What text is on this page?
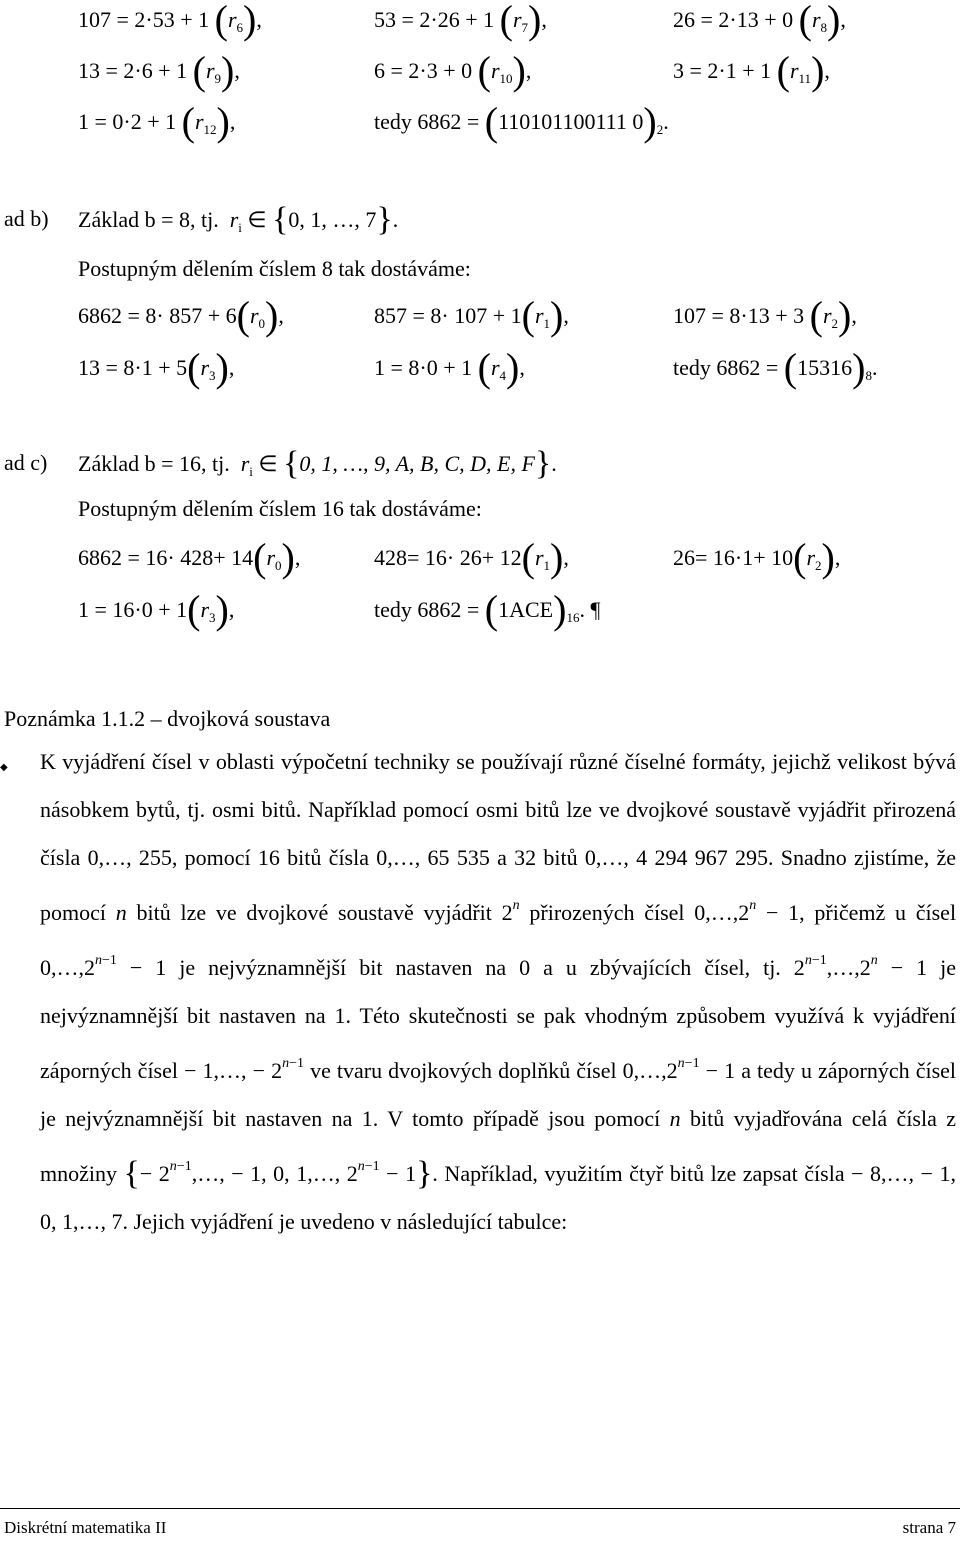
107 = 2·53 + 1 $(r_6)$,	53 = 2·26 + 1 $(r_7)$,	26 = 2·13 + 0 $(r_8)$,
13 = 2·6 + 1 $(r_9)$,	6 = 2·3 + 0 $(r_{10})$,	3 = 2·1 + 1 $(r_{11})$,
1 = 0·2 + 1 $(r_{12})$,	tedy 6862 = (110101100111 $0)_2$.
ad b) Základ b = 8, tj. $r_i$ ∈ {0, 1, …, 7}.
Postupným dělením číslem 8 tak dostáváme:
$6862 = 8\cdot 857 + 6(r_0)$,	$857 = 8\cdot 107 + 1(r_1)$,	107 = 8·13 + 3 $(r_2)$,
$13 = 8\cdot 1 + 5(r_3)$,	1 = 8·0 + 1 $(r_4)$,	tedy $6862 = (15316)_8$.
ad c) Základ b = 16, tj. $r_i$ ∈ {0, 1, …, 9, A, B, C, D, E, F}.
Postupným dělením číslem 16 tak dostáváme:
$6862 = 16\cdot 428+ 14(r_0)$,	$428= 16\cdot 26+ 12(r_1)$,	$26= 16\cdot 1+ 10(r_2)$,
$1 = 16\cdot 0 + 1(r_3)$,	tedy $6862 = (1ACE)_{16}$. ¶
Poznámka 1.1.2 – dvojková soustava
◆ K vyjádření čísel v oblasti výpočetní techniky se používají různé číselné formáty, jejichž velikost bývá násobkem bytů, tj. osmi bitů. Například pomocí osmi bitů lze ve dvojkové soustavě vyjádřit přirozená čísla 0,…, 255, pomocí 16 bitů čísla 0,…, 65 535 a 32 bitů 0,…, 4 294 967 295. Snadno zjistíme, že pomocí n bitů lze ve dvojkové soustavě vyjádřit 2$^n$ přirozených čísel $0,\dots,2^n - 1$, přičemž u čísel $0,\dots,2^{n-1} - 1$ je nejvýznamnější bit nastaven na 0 a u zbývajících čísel, tj. $2^{n-1},\dots,2^n - 1$ je nejvýznamnější bit nastaven na 1. Této skutečnosti se pak vhodným způsobem využívá k vyjádření záporných čísel − 1,…, − $2^{n-1}$ ve tvaru dvojkových doplňků čísel $0,\dots,2^{n-1} - 1$ a tedy u záporných čísel je nejvýznamnější bit nastaven na 1. V tomto případě jsou pomocí n bitů vyjadřována celá čísla z množiny {− $2^{n-1},\dots$, − 1, 0, 1,…, $2^{n-1} - 1$}. Například, využitím čtyř bitů lze zapsat čísla − 8,…, − 1, 0, 1,…, 7. Jejich vyjádření je uvedeno v následující tabulce:
Diskrétní matematika II	strana 7
